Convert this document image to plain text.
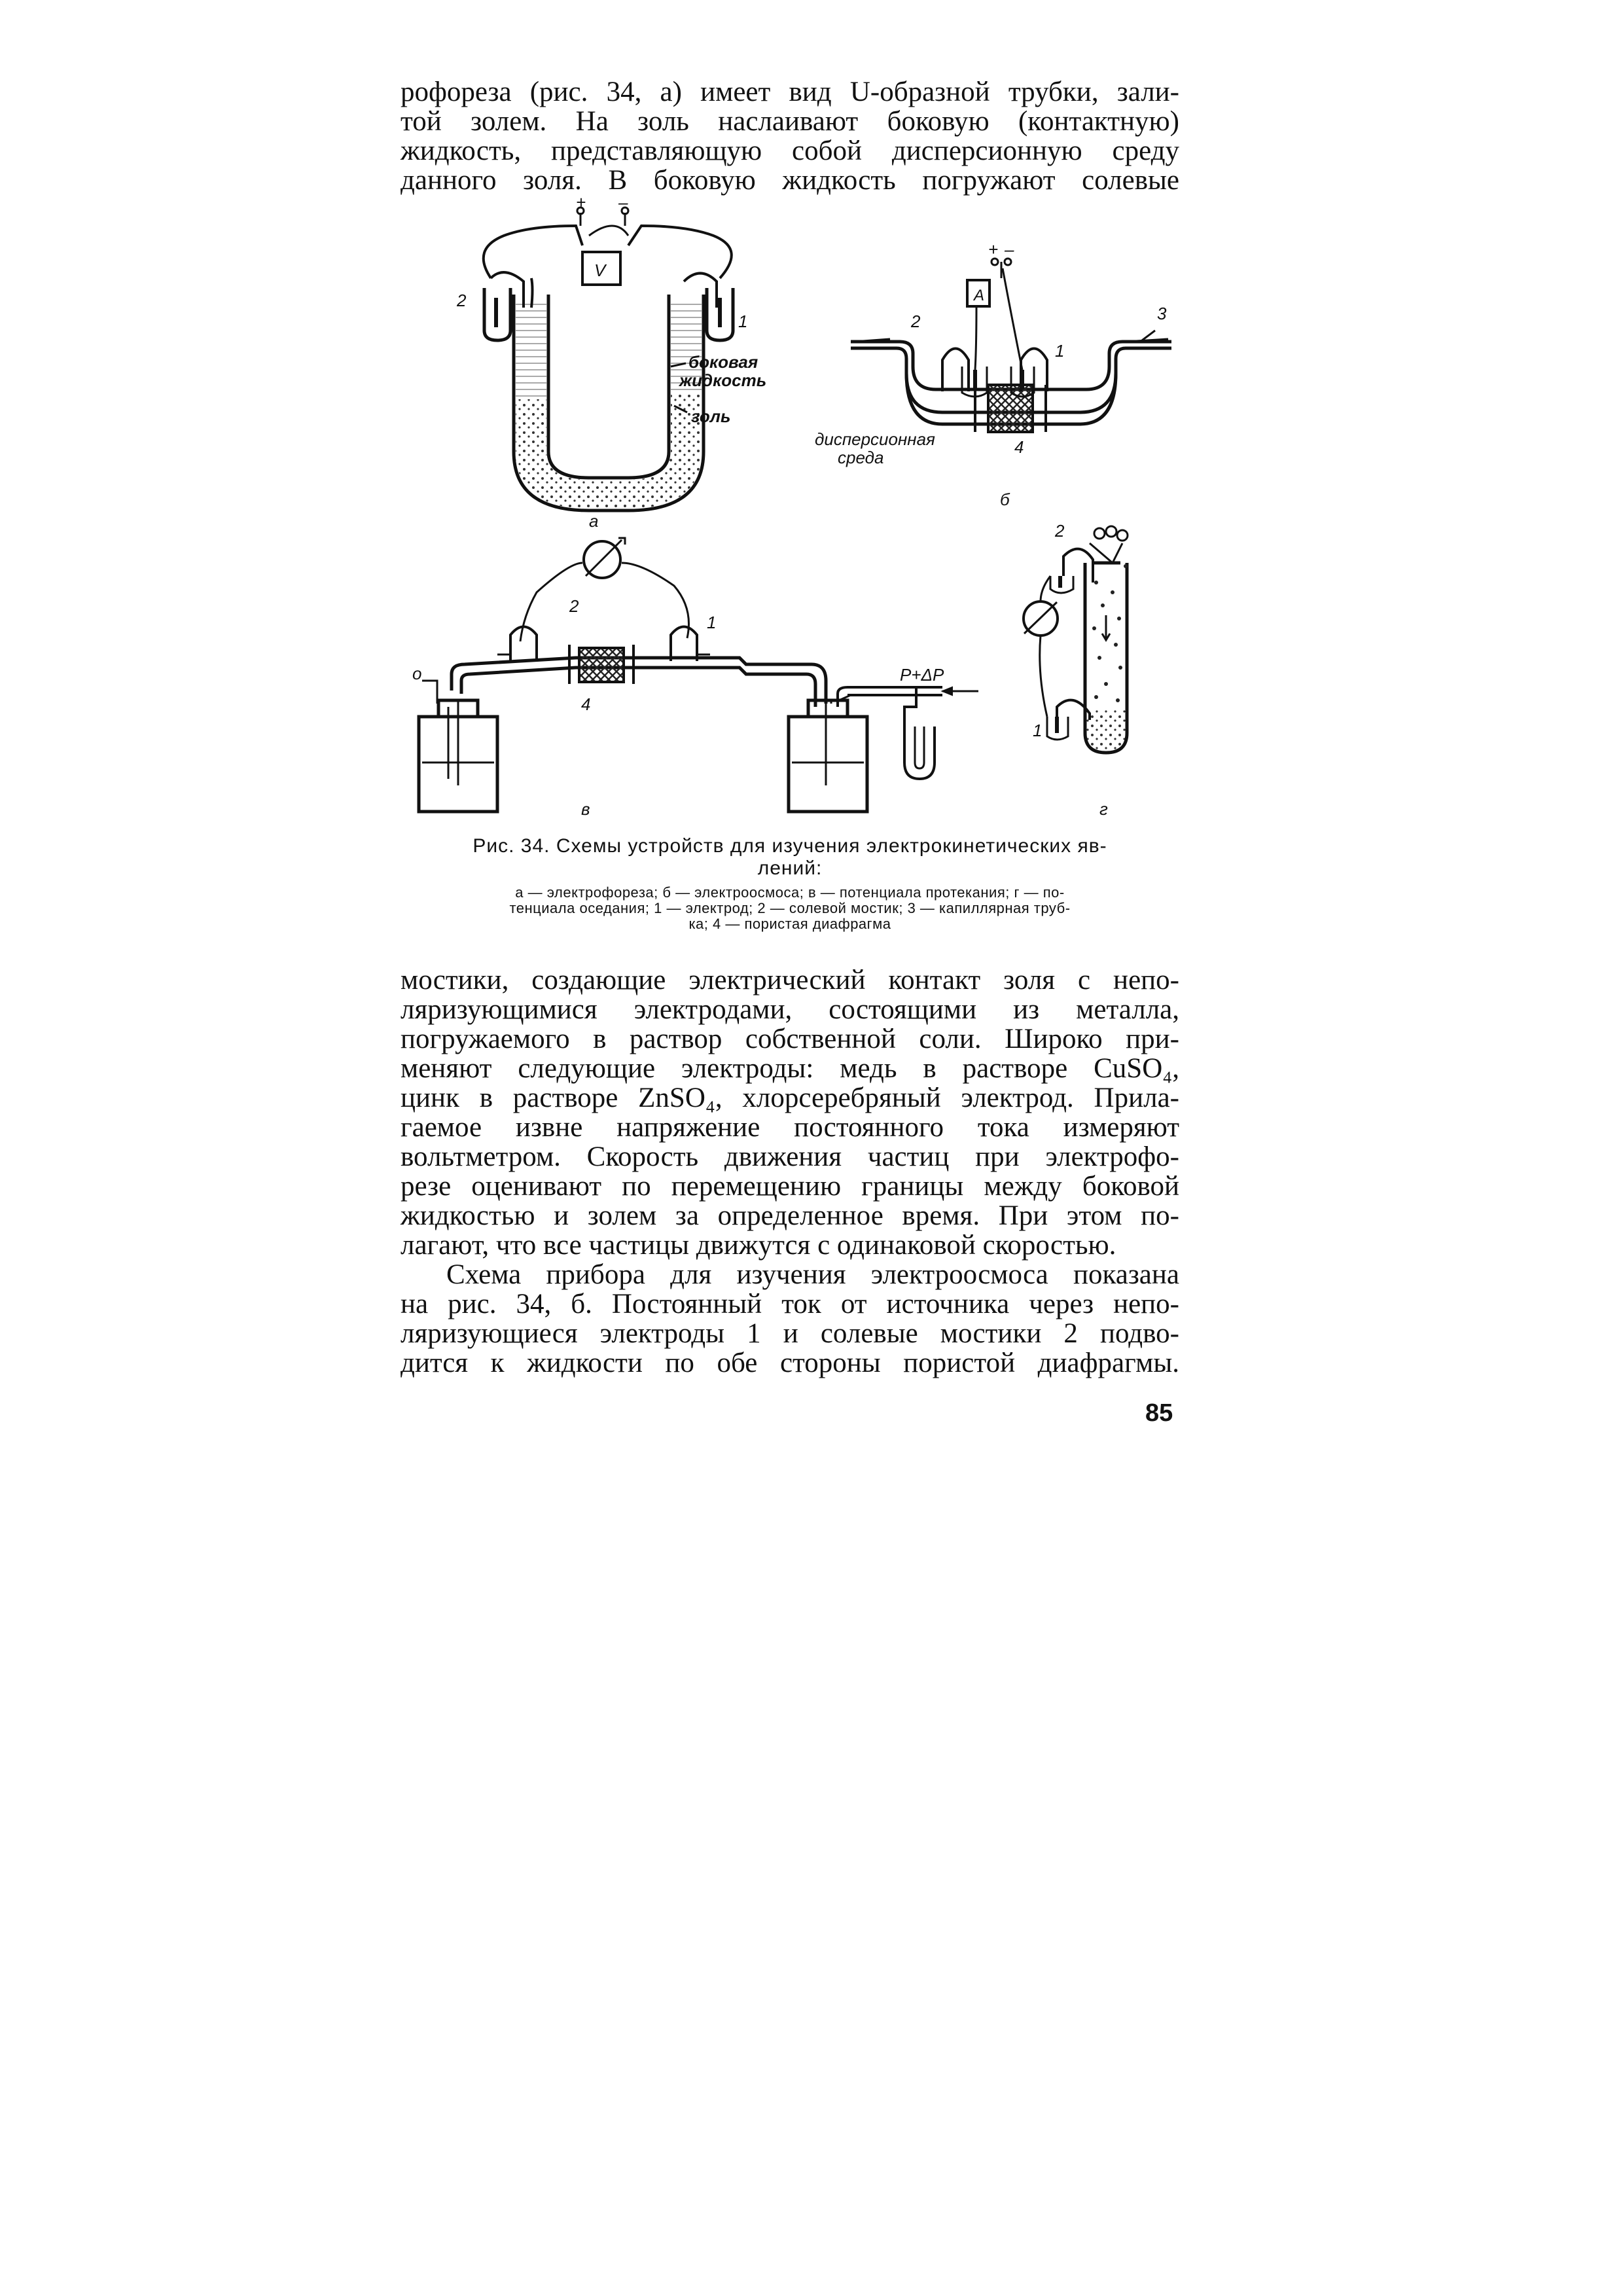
рофореза (рис. 34, а) имеет вид U-образной трубки, зали-
той золем. На золь наслаивают боковую (контактную)
жидкость, представляющую собой дисперсионную среду
данного золя. В боковую жидкость погружают солевые
+ –
V
2
1
боковая
жидкость
золь
а
A
+ –
2
1
3
4
дисперсионная
среда
б
2
1
4
о	P+ΔP
в
2
1
г
Рис. 34. Схемы устройств для изучения электрокинетических яв-
лений:
а — электрофореза; б — электроосмоса; в — потенциала протекания; г — по-
тенциала оседания; 1 — электрод; 2 — солевой мостик; 3 — капиллярная труб-
ка; 4 — пористая диафрагма
мостики, создающие электрический контакт золя с непо-
ляризующимися электродами, состоящими из металла,
погружаемого в раствор собственной соли. Широко при-
меняют следующие электроды: медь в растворе CuSO₄,
цинк в растворе ZnSO₄, хлорсеребряный электрод. Прила-
гаемое извне напряжение постоянного тока измеряют
вольтметром. Скорость движения частиц при электрофо-
резе оценивают по перемещению границы между боковой
жидкостью и золем за определенное время. При этом по-
лагают, что все частицы движутся с одинаковой скоростью.
Схема прибора для изучения электроосмоса показана
на рис. 34, б. Постоянный ток от источника через непо-
ляризующиеся электроды 1 и солевые мостики 2 подво-
дится к жидкости по обе стороны пористой диафрагмы.
85
